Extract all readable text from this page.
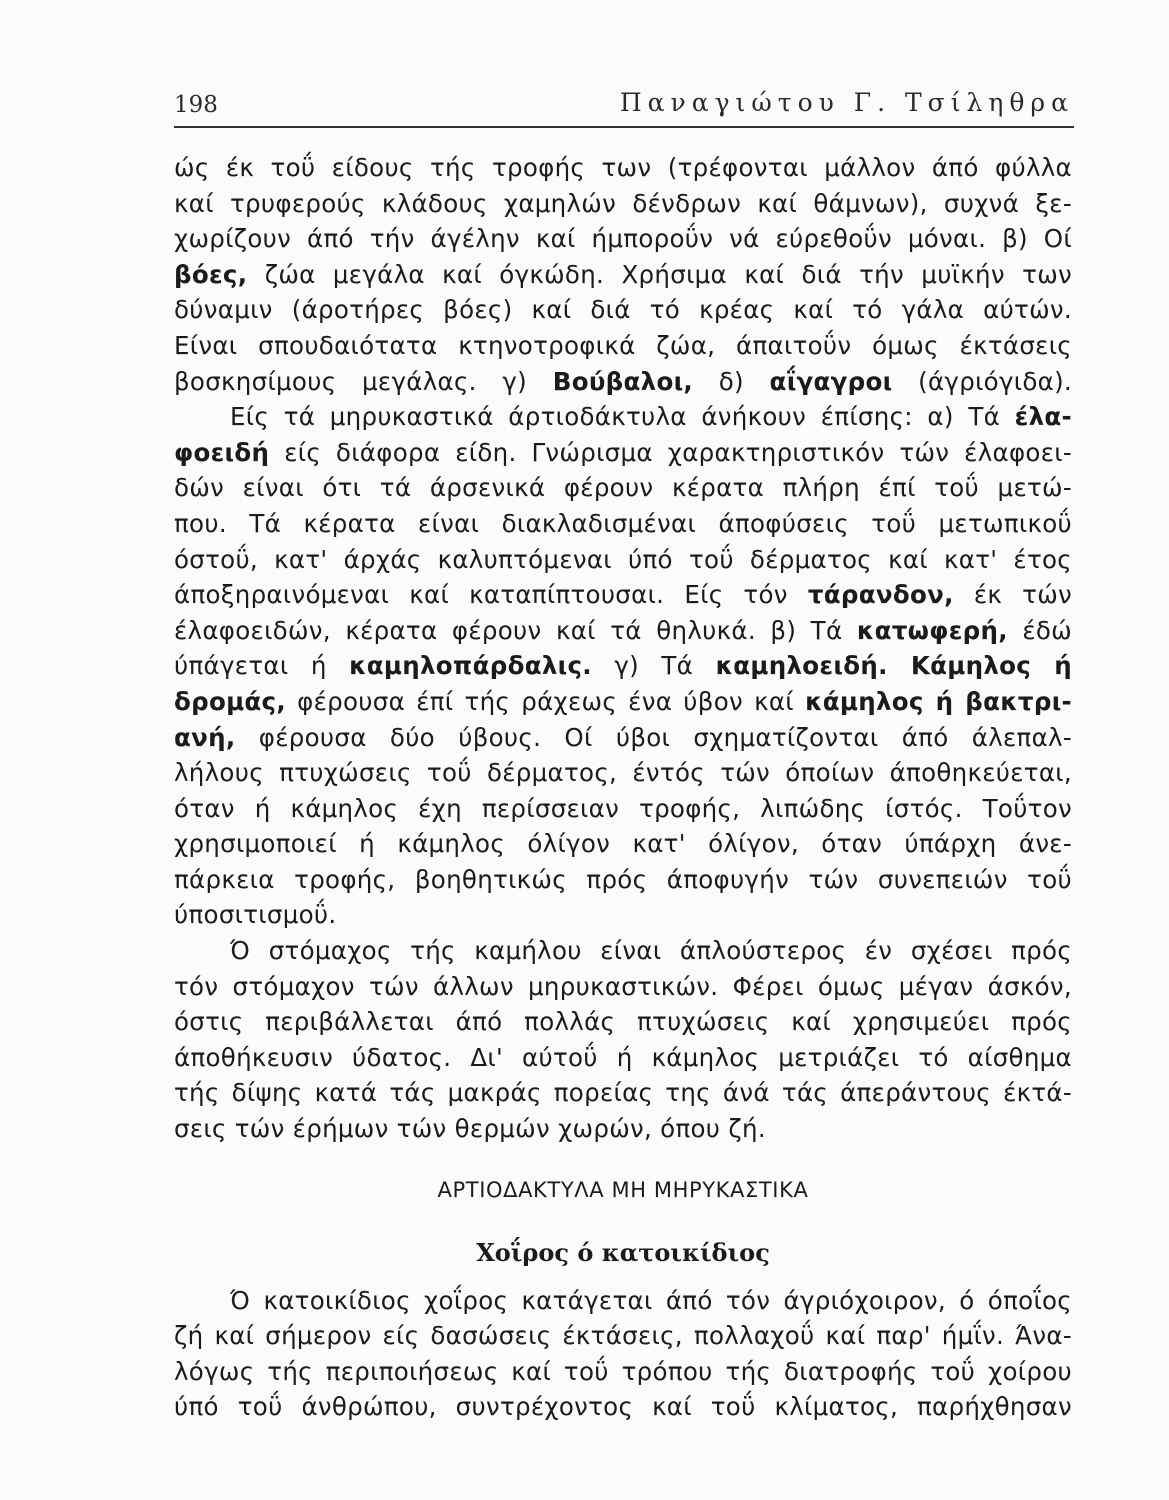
198	Παναγιώτου Γ. Τσίληθρα
ώς έκ τοΰ είδους τής τροφής των (τρέφονται μάλλον άπό φύλλα
καί τρυφερούς κλάδους χαμηλών δένδρων καί θάμνων), συχνά ξε-
χωρίζουν άπό τήν άγέλην καί ήμποροΰν νά εύρεθοΰν μόναι. β) Οί
βόες, ζώα μεγάλα καί όγκώδη. Χρήσιμα καί διά τήν μυϊκήν των
δύναμιν (άροτήρες βόες) καί διά τό κρέας καί τό γάλα αύτών.
Είναι σπουδαιότατα κτηνοτροφικά ζώα, άπαιτοΰν όμως έκτάσεις
βοσκησίμους μεγάλας. γ) Βούβαλοι, δ) αΐγαγροι (άγριόγιδα).
Είς τά μηρυκαστικά άρτιοδάκτυλα άνήκουν έπίσης: α) Τά έλα-
φοειδή είς διάφορα είδη. Γνώρισμα χαρακτηριστικόν τών έλαφοει-
δών είναι ότι τά άρσενικά φέρουν κέρατα πλήρη έπί τοΰ μετώ-
που. Τά κέρατα είναι διακλαδισμέναι άποφύσεις τοΰ μετωπικοΰ
όστοΰ, κατ' άρχάς καλυπτόμεναι ύπό τοΰ δέρματος καί κατ' έτος
άποξηραινόμεναι καί καταπίπτουσαι. Είς τόν τάρανδον, έκ τών
έλαφοειδών, κέρατα φέρουν καί τά θηλυκά. β) Τά κατωφερή, έδώ
ύπάγεται ή καμηλοπάρδαλις. γ) Τά καμηλοειδή. Κάμηλος ή
δρομάς, φέρουσα έπί τής ράχεως ένα ύβον καί κάμηλος ή βακτρι-
ανή, φέρουσα δύο ύβους. Οί ύβοι σχηματίζονται άπό άλεπαλ-
λήλους πτυχώσεις τοΰ δέρματος, έντός τών όποίων άποθηκεύεται,
όταν ή κάμηλος έχη περίσσειαν τροφής, λιπώδης ίστός. Τοΰτον
χρησιμοποιεί ή κάμηλος όλίγον κατ' όλίγον, όταν ύπάρχη άνε-
πάρκεια τροφής, βοηθητικώς πρός άποφυγήν τών συνεπειών τοΰ
ύποσιτισμοΰ.
Ό στόμαχος τής καμήλου είναι άπλούστερος έν σχέσει πρός
τόν στόμαχον τών άλλων μηρυκαστικών. Φέρει όμως μέγαν άσκόν,
όστις περιβάλλεται άπό πολλάς πτυχώσεις καί χρησιμεύει πρός
άποθήκευσιν ύδατος. Δι' αύτοΰ ή κάμηλος μετριάζει τό αίσθημα
τής δίψης κατά τάς μακράς πορείας της άνά τάς άπεράντους έκτά-
σεις τών έρήμων τών θερμών χωρών, όπου ζή.
ΑΡΤΙΟΔΑΚΤΥΛΑ ΜΗ ΜΗΡΥΚΑΣΤΙΚΑ
Χοΐρος ό κατοικίδιος
Ό κατοικίδιος χοΐρος κατάγεται άπό τόν άγριόχοιρον, ό όποΐος
ζή καί σήμερον είς δασώσεις έκτάσεις, πολλαχοΰ καί παρ' ήμΐν. Άνα-
λόγως τής περιποιήσεως καί τοΰ τρόπου τής διατροφής τοΰ χοίρου
ύπό τοΰ άνθρώπου, συντρέχοντος καί τοΰ κλίματος, παρήχθησαν
